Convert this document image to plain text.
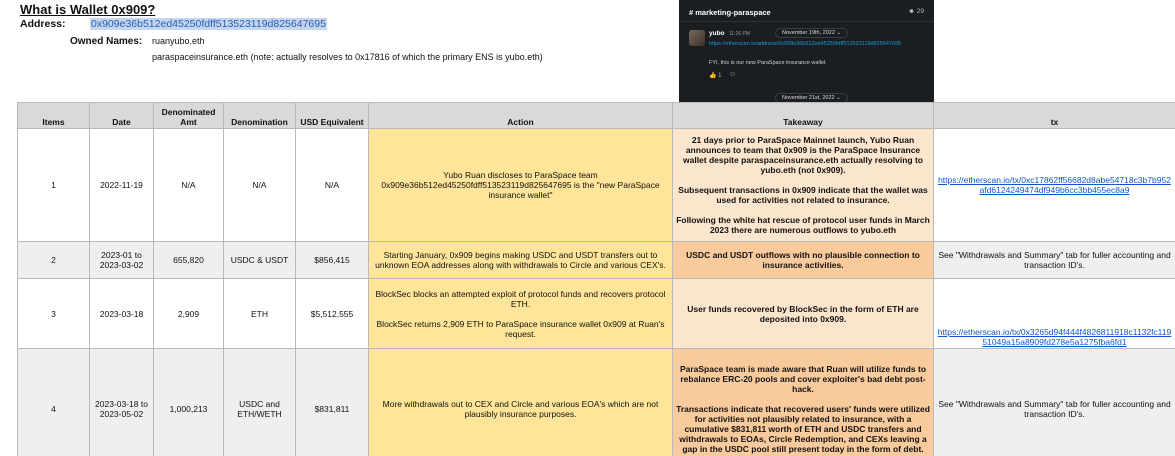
What is Wallet 0x909?
Address: 0x909e36b512ed45250fdff513523119d825647695
Owned Names: ruanyubo.eth
paraspaceinsurance.eth (note: actually resolves to 0x17816 of which the primary ENS is yubo.eth)
# marketing-paraspace	☻ 29
November 19th, 2022 ⌄
yubo 11:26 PM
https://etherscan.io/address/0x909e36b512ed45250fdff513523119d825647695
FYI, this is our new ParaSpace insurance wallet
👍 1 ☺
November 21st, 2022 ⌄
Items	Date	Denominated Amt	Denomination	USD Equivalent	Action	Takeaway	tx
1	2022-11-19	N/A	N/A	N/A	Yubo Ruan discloses to ParaSpace team 0x909e36b512ed45250fdff513523119d825647695 is the "new ParaSpace insurance wallet"	21 days prior to ParaSpace Mainnet launch, Yubo Ruan announces to team that 0x909 is the ParaSpace Insurance wallet despite paraspaceinsurance.eth actually resolving to yubo.eth (not 0x909).
Subsequent transactions in 0x909 indicate that the wallet was used for activities not related to insurance.
Following the white hat rescue of protocol user funds in March 2023 there are numerous outflows to yubo.eth	https://etherscan.io/tx/0xc17862ff56682d8abe54718c3b7b952afd6124249474df949b6cc3bb455ec8a9
2	2023-01 to 2023-03-02	655,820	USDC & USDT	$856,415	Starting January, 0x909 begins making USDC and USDT transfers out to unknown EOA addresses along with withdrawals to Circle and various CEX's.	USDC and USDT outflows with no plausible connection to insurance activities.	See "Withdrawals and Summary" tab for fuller accounting and transaction ID's.
3	2023-03-18	2,909	ETH	$5,512,555	BlockSec blocks an attempted exploit of protocol funds and recovers protocol ETH.
BlockSec returns 2,909 ETH to ParaSpace insurance wallet 0x909 at Ruan's request.	User funds recovered by BlockSec in the form of ETH are deposited into 0x909.	https://etherscan.io/tx/0x3265d94f444f4826811918c1132fc11951049a15a8909fd278e5a1275fba6fd1
4	2023-03-18 to 2023-05-02	1,000,213	USDC and ETH/WETH	$831,811	More withdrawals out to CEX and Circle and various EOA's which are not plausibly insurance purposes.	ParaSpace team is made aware that Ruan will utilize funds to rebalance ERC-20 pools and cover exploiter's bad debt post-hack.
Transactions indicate that recovered users' funds were utilized for activities not plausibly related to insurance, with a cumulative $831,811 worth of ETH and USDC transfers and withdrawals to EOAs, Circle Redemption, and CEXs leaving a gap in the USDC pool still present today in the form of debt.	See "Withdrawals and Summary" tab for fuller accounting and transaction ID's.
